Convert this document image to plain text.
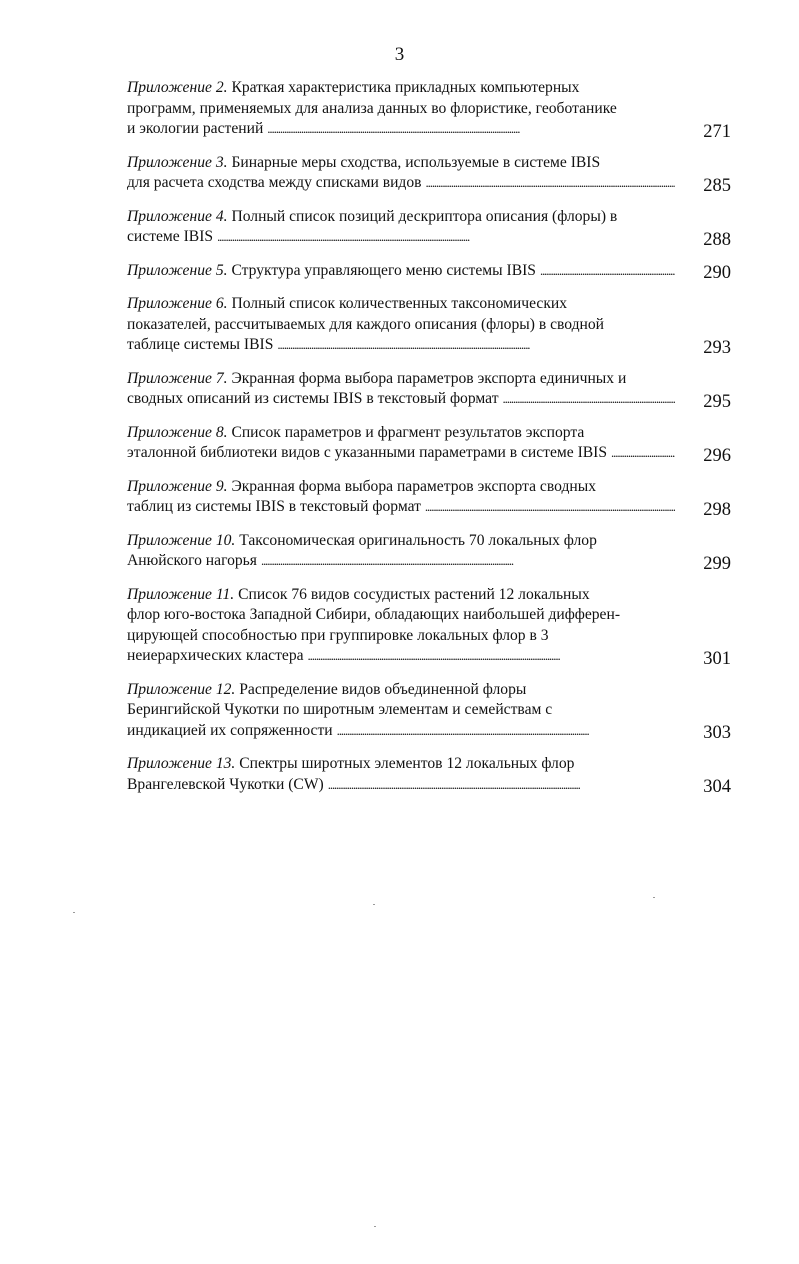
3
Приложение 2. Краткая характеристика прикладных компьютерных
программ, применяемых для анализа данных во флористике, геоботанике
и экологии растений . . .	271
Приложение 3. Бинарные меры сходства, используемые в системе IBIS
для расчета сходства между списками видов . . .	285
Приложение 4. Полный список позиций дескриптора описания (флоры) в
системе IBIS . . .	288
Приложение 5. Структура управляющего меню системы IBIS . . .	290
Приложение 6. Полный список количественных таксономических
показателей, рассчитываемых для каждого описания (флоры) в сводной
таблице системы IBIS . . .	293
Приложение 7. Экранная форма выбора параметров экспорта единичных и
сводных описаний из системы IBIS в текстовый формат . . .	295
Приложение 8. Список параметров и фрагмент результатов экспорта
эталонной библиотеки видов с указанными параметрами в системе IBIS . . .	296
Приложение 9. Экранная форма выбора параметров экспорта сводных
таблиц из системы IBIS в текстовый формат . . .	298
Приложение 10. Таксономическая оригинальность 70 локальных флор
Анюйского нагорья . . .	299
Приложение 11. Список 76 видов сосудистых растений 12 локальных
флор юго-востока Западной Сибири, обладающих наибольшей дифферен-
цирующей способностью при группировке локальных флор в 3
неиерархических кластера . . .	301
Приложение 12. Распределение видов объединенной флоры
Берингийской Чукотки по широтным элементам и семействам с
индикацией их сопряженности . . .	303
Приложение 13. Спектры широтных элементов 12 локальных флор
Врангелевской Чукотки (CW) . . .	304
